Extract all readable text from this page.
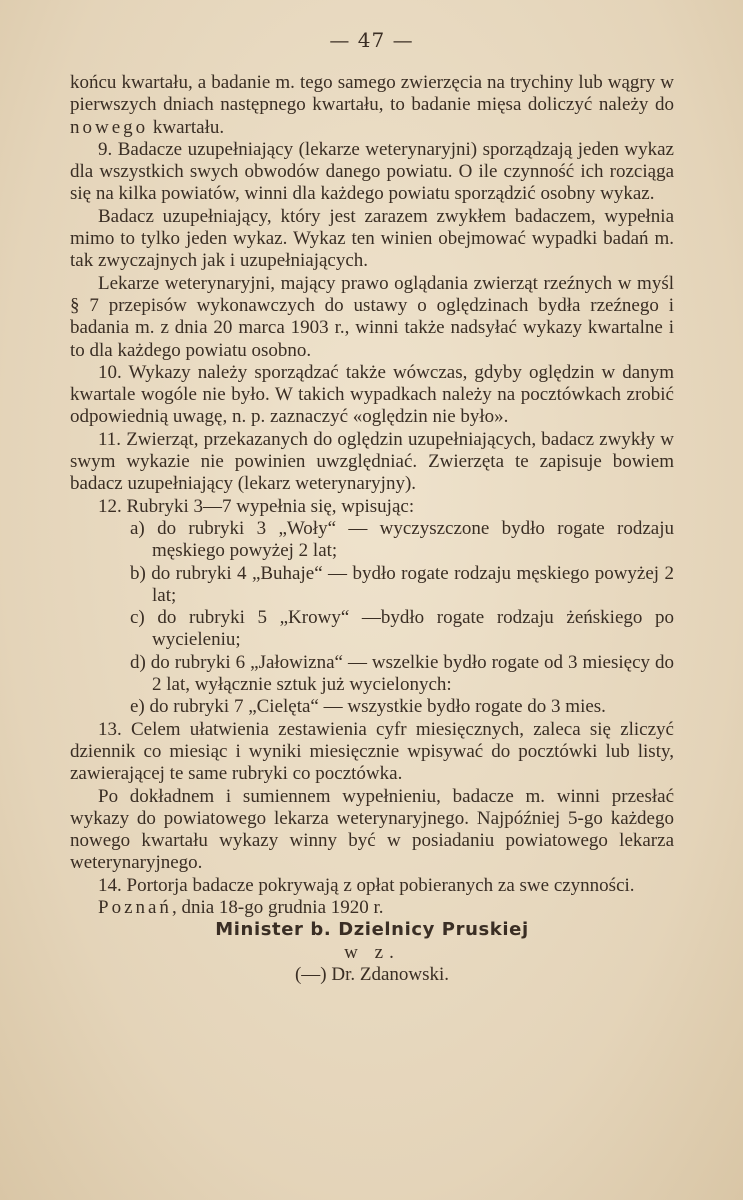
— 47 —

końcu kwartału, a badanie m. tego samego zwierzęcia na trychiny lub wągry w pierwszych dniach następnego kwartału, to badanie mięsa doliczyć należy do nowego kwartału.

9. Badacze uzupełniający (lekarze weterynaryjni) sporządzają jeden wykaz dla wszystkich swych obwodów danego powiatu. O ile czynność ich rozciąga się na kilka powiatów, winni dla każdego powiatu sporządzić osobny wykaz.

Badacz uzupełniający, który jest zarazem zwykłem badaczem, wypełnia mimo to tylko jeden wykaz. Wykaz ten winien obejmować wypadki badań m. tak zwyczajnych jak i uzupełniających.

Lekarze weterynaryjni, mający prawo oglądania zwierząt rzeźnych w myśl § 7 przepisów wykonawczych do ustawy o oględzinach bydła rzeźnego i badania m. z dnia 20 marca 1903 r., winni także nadsyłać wykazy kwartalne i to dla każdego powiatu osobno.

10. Wykazy należy sporządzać także wówczas, gdyby oględzin w danym kwartale wogóle nie było. W takich wypadkach należy na pocztówkach zrobić odpowiednią uwagę, n. p. zaznaczyć «oględzin nie było».

11. Zwierząt, przekazanych do oględzin uzupełniających, badacz zwykły w swym wykazie nie powinien uwzględniać. Zwierzęta te zapisuje bowiem badacz uzupełniający (lekarz weterynaryjny).

12. Rubryki 3—7 wypełnia się, wpisując:

a) do rubryki 3 „Woły“ — wyczyszczone bydło rogate rodzaju męskiego powyżej 2 lat;

b) do rubryki 4 „Buhaje“ — bydło rogate rodzaju męskiego powyżej 2 lat;

c) do rubryki 5 „Krowy“ —bydło rogate rodzaju żeńskiego po wycieleniu;

d) do rubryki 6 „Jałowizna“ — wszelkie bydło rogate od 3 miesięcy do 2 lat, wyłącznie sztuk już wycielonych:

e) do rubryki 7 „Cielęta“ — wszystkie bydło rogate do 3 mies.

13. Celem ułatwienia zestawienia cyfr miesięcznych, zaleca się zliczyć dziennik co miesiąc i wyniki miesięcznie wpisywać do pocztówki lub listy, zawierającej te same rubryki co pocztówka.

Po dokładnem i sumiennem wypełnieniu, badacze m. winni przesłać wykazy do powiatowego lekarza weterynaryjnego. Najpóźniej 5-go każdego nowego kwartału wykazy winny być w posiadaniu powiatowego lekarza weterynaryjnego.

14. Portorja badacze pokrywają z opłat pobieranych za swe czynności.

Poznań, dnia 18-go grudnia 1920 r.

Minister b. Dzielnicy Pruskiej

w z.

(—) Dr. Zdanowski.
